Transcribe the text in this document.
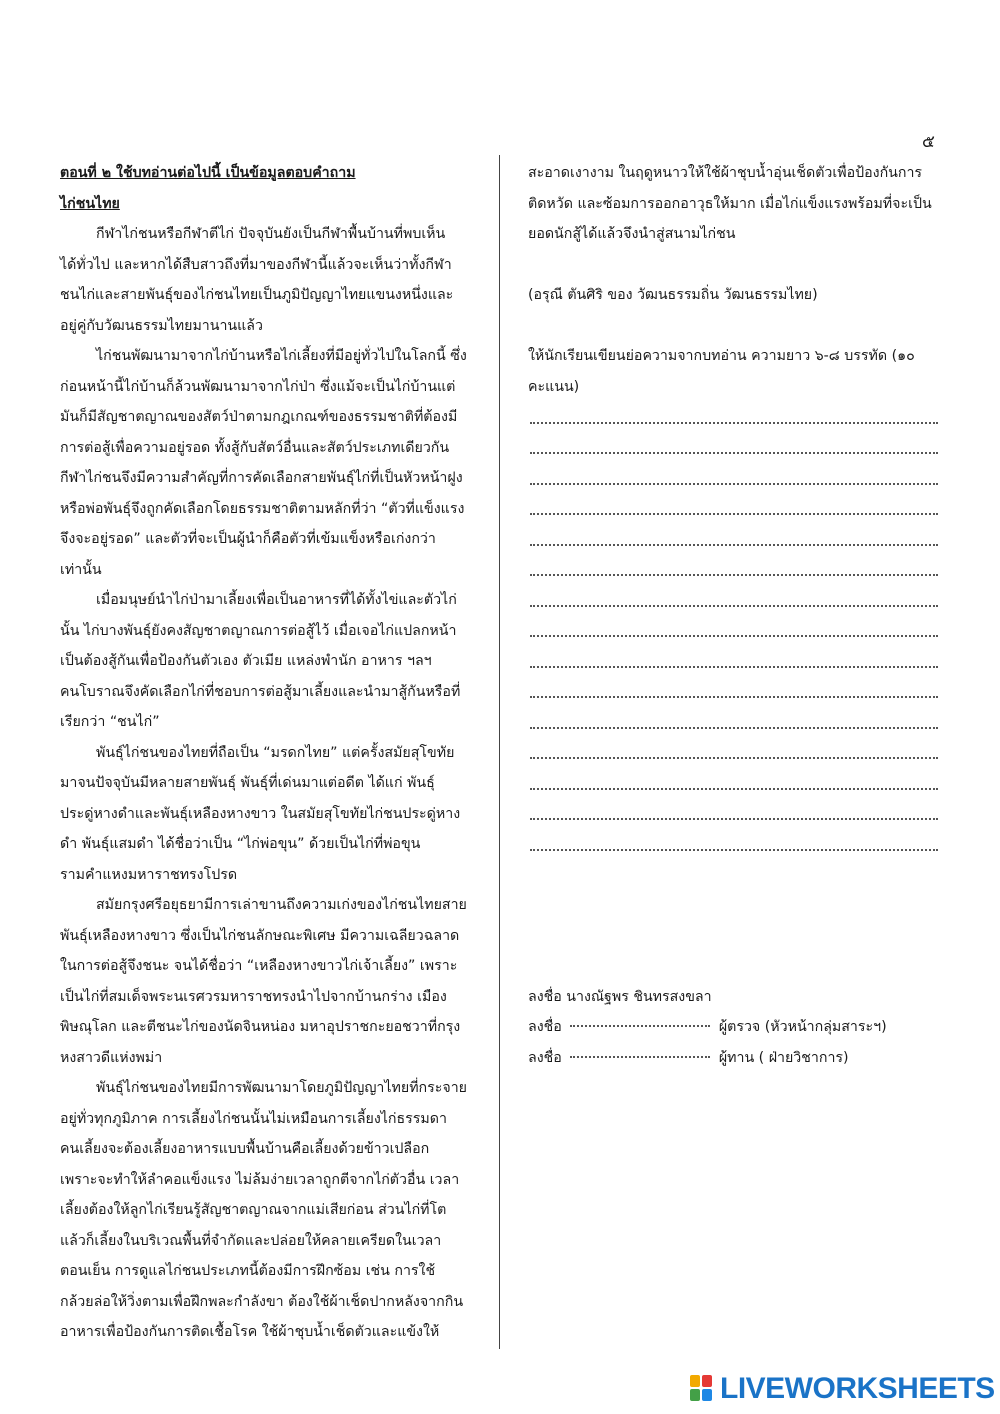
๕
ตอนที่ ๒ ใช้บทอ่านต่อไปนี้ เป็นข้อมูลตอบคำถาม
ไก่ชนไทย
กีฬาไก่ชนหรือกีฬาตีไก่ ปัจจุบันยังเป็นกีฬาพื้นบ้านที่พบเห็น
ได้ทั่วไป และหากได้สืบสาวถึงที่มาของกีฬานี้แล้วจะเห็นว่าทั้งกีฬา
ชนไก่และสายพันธุ์ของไก่ชนไทยเป็นภูมิปัญญาไทยแขนงหนึ่งและ
อยู่คู่กับวัฒนธรรมไทยมานานแล้ว
ไก่ชนพัฒนามาจากไก่บ้านหรือไก่เลี้ยงที่มีอยู่ทั่วไปในโลกนี้ ซึ่ง
ก่อนหน้านี้ไก่บ้านก็ล้วนพัฒนามาจากไก่ป่า ซึ่งแม้จะเป็นไก่บ้านแต่
มันก็มีสัญชาตญาณของสัตว์ป่าตามกฎเกณฑ์ของธรรมชาติที่ต้องมี
การต่อสู้เพื่อความอยู่รอด ทั้งสู้กับสัตว์อื่นและสัตว์ประเภทเดียวกัน
กีฬาไก่ชนจึงมีความสำคัญที่การคัดเลือกสายพันธุ์ไก่ที่เป็นหัวหน้าฝูง
หรือพ่อพันธุ์จึงถูกคัดเลือกโดยธรรมชาติตามหลักที่ว่า “ตัวที่แข็งแรง
จึงจะอยู่รอด” และตัวที่จะเป็นผู้นำก็คือตัวที่เข้มแข็งหรือเก่งกว่า
เท่านั้น
เมื่อมนุษย์นำไก่ป่ามาเลี้ยงเพื่อเป็นอาหารที่ได้ทั้งไข่และตัวไก่
นั้น ไก่บางพันธุ์ยังคงสัญชาตญาณการต่อสู้ไว้ เมื่อเจอไก่แปลกหน้า
เป็นต้องสู้กันเพื่อป้องกันตัวเอง ตัวเมีย แหล่งพำนัก อาหาร ฯลฯ
คนโบราณจึงคัดเลือกไก่ที่ชอบการต่อสู้มาเลี้ยงและนำมาสู้กันหรือที่
เรียกว่า “ชนไก่”
พันธุ์ไก่ชนของไทยที่ถือเป็น “มรดกไทย” แต่ครั้งสมัยสุโขทัย
มาจนปัจจุบันมีหลายสายพันธุ์ พันธุ์ที่เด่นมาแต่อดีต ได้แก่ พันธุ์
ประดู่หางดำและพันธุ์เหลืองหางขาว ในสมัยสุโขทัยไก่ชนประดู่หาง
ดำ พันธุ์แสมดำ ได้ชื่อว่าเป็น “ไก่พ่อขุน” ด้วยเป็นไก่ที่พ่อขุน
รามคำแหงมหาราชทรงโปรด
สมัยกรุงศรีอยุธยามีการเล่าขานถึงความเก่งของไก่ชนไทยสาย
พันธุ์เหลืองหางขาว ซึ่งเป็นไก่ชนลักษณะพิเศษ มีความเฉลียวฉลาด
ในการต่อสู้จึงชนะ จนได้ชื่อว่า “เหลืองหางขาวไก่เจ้าเลี้ยง” เพราะ
เป็นไก่ที่สมเด็จพระนเรศวรมหาราชทรงนำไปจากบ้านกร่าง เมือง
พิษณุโลก และตีชนะไก่ของนัดจินหน่อง มหาอุปราชกะยอชวาที่กรุง
หงสาวดีแห่งพม่า
พันธุ์ไก่ชนของไทยมีการพัฒนามาโดยภูมิปัญญาไทยที่กระจาย
อยู่ทั่วทุกภูมิภาค การเลี้ยงไก่ชนนั้นไม่เหมือนการเลี้ยงไก่ธรรมดา
คนเลี้ยงจะต้องเลี้ยงอาหารแบบพื้นบ้านคือเลี้ยงด้วยข้าวเปลือก
เพราะจะทำให้ลำคอแข็งแรง ไม่ล้มง่ายเวลาถูกตีจากไก่ตัวอื่น เวลา
เลี้ยงต้องให้ลูกไก่เรียนรู้สัญชาตญาณจากแม่เสียก่อน ส่วนไก่ที่โต
แล้วก็เลี้ยงในบริเวณพื้นที่จำกัดและปล่อยให้คลายเครียดในเวลา
ตอนเย็น การดูแลไก่ชนประเภทนี้ต้องมีการฝึกซ้อม เช่น การใช้
กล้วยล่อให้วิ่งตามเพื่อฝึกพละกำลังขา ต้องใช้ผ้าเช็ดปากหลังจากกิน
อาหารเพื่อป้องกันการติดเชื้อโรค ใช้ผ้าชุบน้ำเช็ดตัวและแข้งให้
สะอาดเงางาม ในฤดูหนาวให้ใช้ผ้าชุบน้ำอุ่นเช็ดตัวเพื่อป้องกันการ
ติดหวัด และซ้อมการออกอาวุธให้มาก เมื่อไก่แข็งแรงพร้อมที่จะเป็น
ยอดนักสู้ได้แล้วจึงนำสู่สนามไก่ชน
(อรุณี ตันศิริ ของ วัฒนธรรมถิ่น วัฒนธรรมไทย)
ให้นักเรียนเขียนย่อความจากบทอ่าน ความยาว ๖-๘ บรรทัด (๑๐
คะแนน)
ลงชื่อ นางณัฐพร ชินทรสงขลา
ลงชื่อ	ผู้ตรวจ (หัวหน้ากลุ่มสาระฯ)
ลงชื่อ	ผู้ทาน ( ฝ่ายวิชาการ)
LIVEWORKSHEETS
